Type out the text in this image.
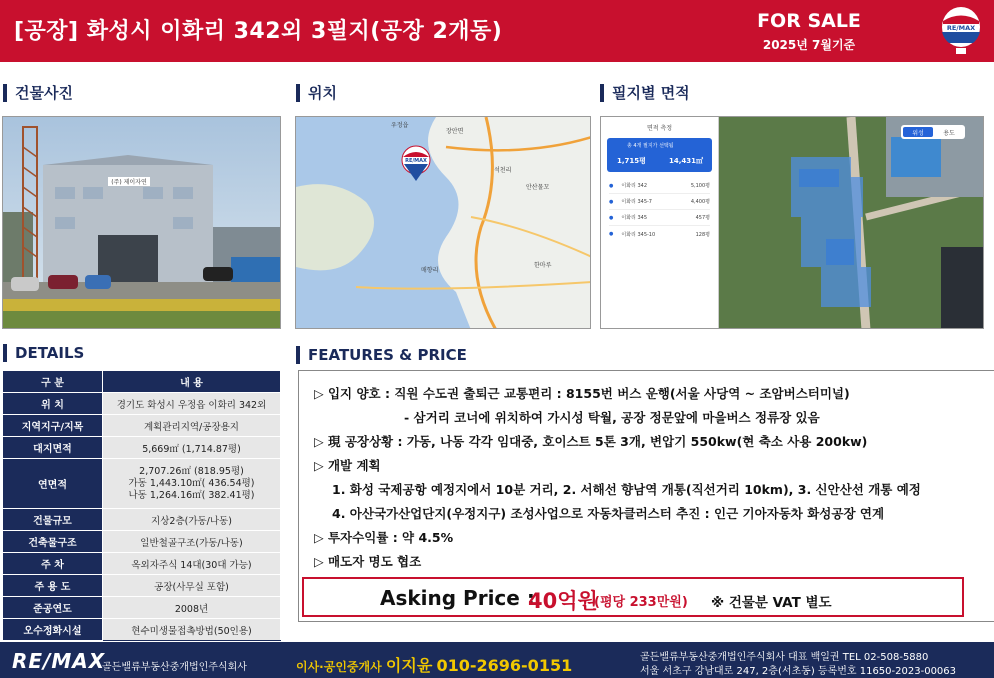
[공장] 화성시 이화리 342외 3필지(공장 2개동)	FOR SALE
2025년 7월기준
RE/MAX
건물사진	위치	필지별 면적
DETAILS	FEATURES & PRICE
(주) 제이자연
우정읍
장안면
석천리
매향리
안산물꼬
한마루
RE/MAX
위성	용도
면적 측정
총 4개 필지가 선택됨
1,715평	14,431㎡
● 이화리 342	5,100평
● 이화리 345-7	4,400평
● 이화리 345	457평
● 이화리 345-10	128평
구 분	내 용
위 치	경기도 화성시 우정읍 이화리 342외
지역지구/지목	계획관리지역/공장용지
대지면적	5,669㎡ (1,714.87평)
연면적	2,707.26㎡ (818.95평)
가동 1,443.10㎡( 436.54평)
나동 1,264.16㎡( 382.41평)

건물규모	지상2층(가동/나동)
건축물구조	일반철골구조(가동/나동)
주 차	옥외자주식 14대(30대 가능)
주 용 도	공장(사무실 포함)
준공연도	2008년
오수정화시설	현수미생물접촉방법(50인용)
▷ 입지 양호 : 직원 수도권 출퇴근 교통편리 : 8155번 버스 운행(서울 사당역 ~ 조암버스터미널)
- 삼거리 코너에 위치하여 가시성 탁월, 공장 정문앞에 마을버스 정류장 있음
▷ 現 공장상황 : 가동, 나동 각각 임대중, 호이스트 5톤 3개, 변압기 550kw(현 축소 사용 200kw)
▷ 개발 계획
1. 화성 국제공항 예정지에서 10분 거리, 2. 서해선 향남역 개통(직선거리 10km), 3. 신안산선 개통 예정
4. 아산국가산업단지(우정지구) 조성사업으로 자동차클러스터 추진 : 인근 기아자동차 화성공장 연계
▷ 투자수익률 : 약 4.5%
▷ 매도자 명도 협조
Asking Price :
40억원
(평당 233만원) ※ 건물분 VAT 별도
RE/MAX
골든밸류부동산중개법인주식회사	이사·공인중개사 이지윤 010-2696-0151	골든밸류부동산중개법인주식회사 대표 백일권 TEL 02-508-5880
서울 서초구 강남대로 247, 2층(서초동) 등록번호 11650-2023-00063
